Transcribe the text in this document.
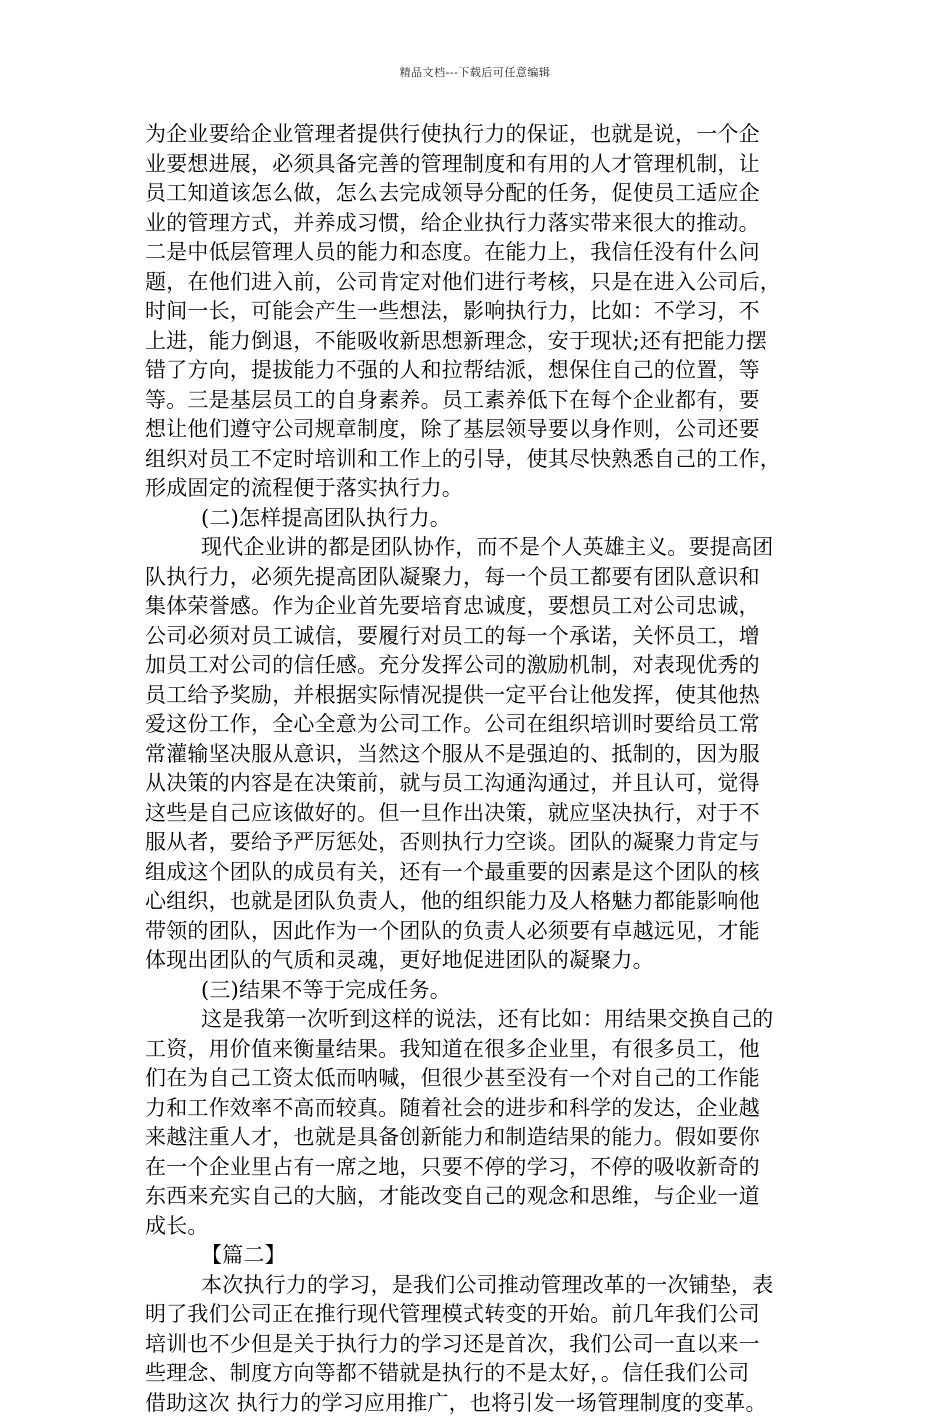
精品文档---下载后可任意编辑
为企业要给企业管理者提供行使执行力的保证，也就是说，一个企
业要想进展，必须具备完善的管理制度和有用的人才管理机制，让
员工知道该怎么做，怎么去完成领导分配的任务，促使员工适应企
业的管理方式，并养成习惯，给企业执行力落实带来很大的推动。
二是中低层管理人员的能力和态度。在能力上，我信任没有什么问
题，在他们进入前，公司肯定对他们进行考核，只是在进入公司后，
时间一长，可能会产生一些想法，影响执行力，比如：不学习，不
上进，能力倒退，不能吸收新思想新理念，安于现状;还有把能力摆
错了方向，提拔能力不强的人和拉帮结派，想保住自己的位置，等
等。三是基层员工的自身素养。员工素养低下在每个企业都有，要
想让他们遵守公司规章制度，除了基层领导要以身作则，公司还要
组织对员工不定时培训和工作上的引导，使其尽快熟悉自己的工作，
形成固定的流程便于落实执行力。
(二)怎样提高团队执行力。
现代企业讲的都是团队协作，而不是个人英雄主义。要提高团
队执行力，必须先提高团队凝聚力，每一个员工都要有团队意识和
集体荣誉感。作为企业首先要培育忠诚度，要想员工对公司忠诚，
公司必须对员工诚信，要履行对员工的每一个承诺，关怀员工，增
加员工对公司的信任感。充分发挥公司的激励机制，对表现优秀的
员工给予奖励，并根据实际情况提供一定平台让他发挥，使其他热
爱这份工作，全心全意为公司工作。公司在组织培训时要给员工常
常灌输坚决服从意识，当然这个服从不是强迫的、抵制的，因为服
从决策的内容是在决策前，就与员工沟通沟通过，并且认可，觉得
这些是自己应该做好的。但一旦作出决策，就应坚决执行，对于不
服从者，要给予严厉惩处，否则执行力空谈。团队的凝聚力肯定与
组成这个团队的成员有关，还有一个最重要的因素是这个团队的核
心组织，也就是团队负责人，他的组织能力及人格魅力都能影响他
带领的团队，因此作为一个团队的负责人必须要有卓越远见，才能
体现出团队的气质和灵魂，更好地促进团队的凝聚力。
(三)结果不等于完成任务。
这是我第一次听到这样的说法，还有比如：用结果交换自己的
工资，用价值来衡量结果。我知道在很多企业里，有很多员工，他
们在为自己工资太低而呐喊，但很少甚至没有一个对自己的工作能
力和工作效率不高而较真。随着社会的进步和科学的发达，企业越
来越注重人才，也就是具备创新能力和制造结果的能力。假如要你
在一个企业里占有一席之地，只要不停的学习，不停的吸收新奇的
东西来充实自己的大脑，才能改变自己的观念和思维，与企业一道
成长。
【篇二】
本次执行力的学习，是我们公司推动管理改革的一次铺垫，表
明了我们公司正在推行现代管理模式转变的开始。前几年我们公司
培训也不少但是关于执行力的学习还是首次，我们公司一直以来一
些理念、制度方向等都不错就是执行的不是太好，。信任我们公司
借助这次 执行力的学习应用推广，也将引发一场管理制度的变革。
